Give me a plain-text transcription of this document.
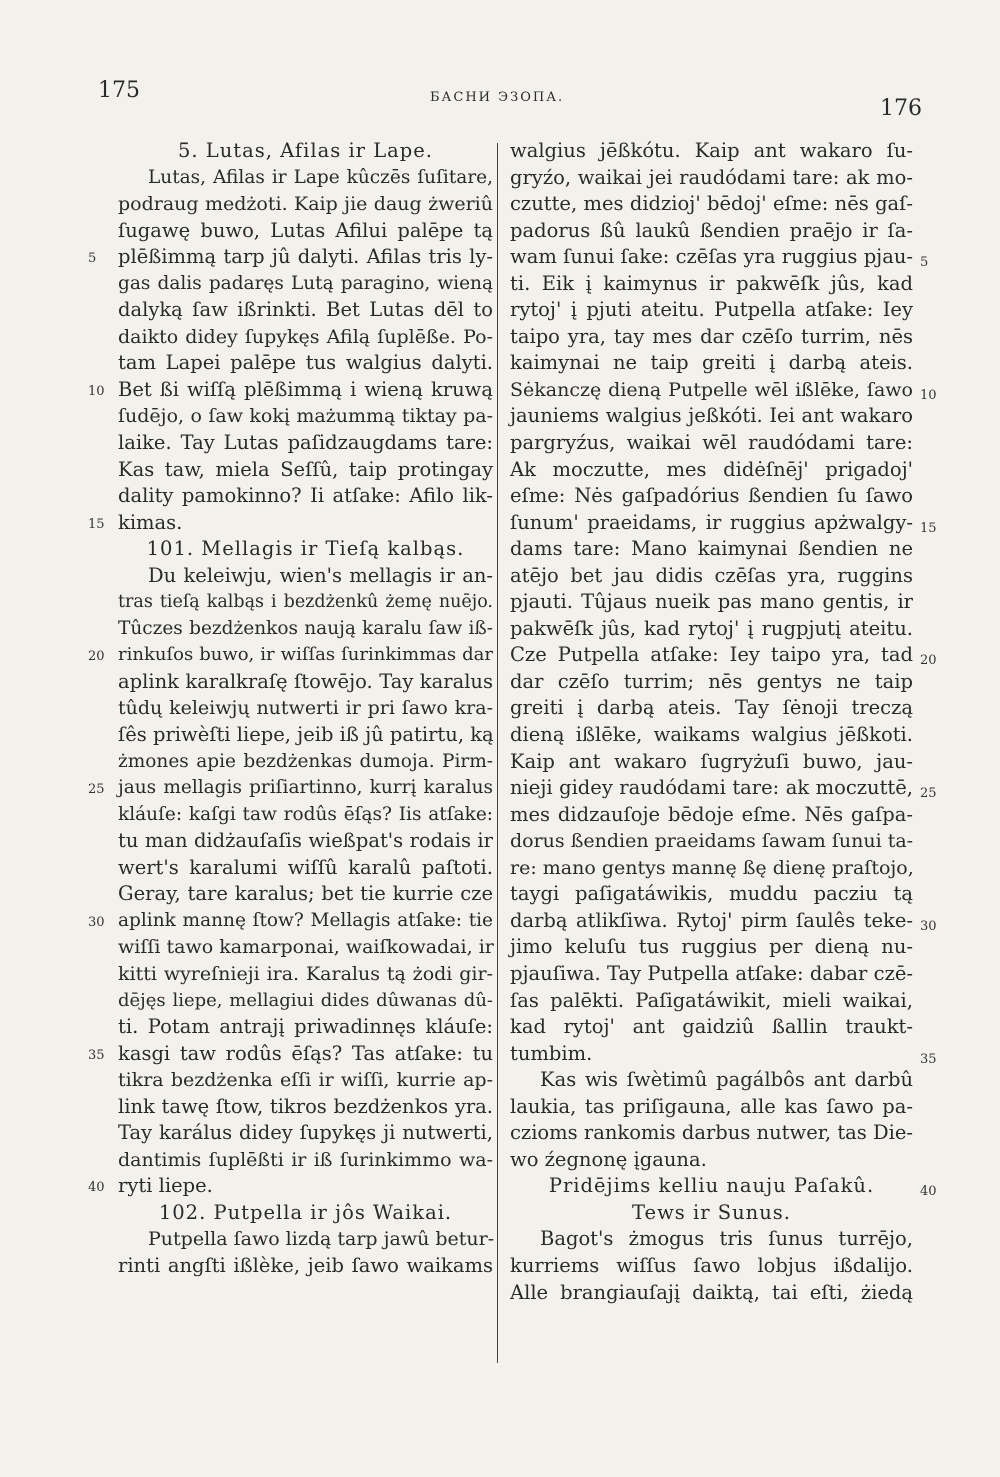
175	БАСНИ ЭЗОПА.	176
5. Lutas, Afilas ir Lape.
Lutas, Afilas ir Lape kûczēs ſuſitare,
podraug medżoti. Kaip jie daug żweriû
ſugawę buwo, Lutas Afilui palēpe tą
5 plēßimmą tarp jû dalyti. Afilas tris ly-
gas dalis padaręs Lutą paragino, wieną
dalyką ſaw ißrinkti. Bet Lutas dēl to
daikto didey ſupykęs Afilą ſuplēße. Po-
tam Lapei palēpe tus walgius dalyti.
10 Bet ßi wiſſą plēßimmą i wieną kruwą
ſudējo, o ſaw kokį mażummą tiktay pa-
laike. Tay Lutas paſidzaugdams tare:
Kas taw, miela Seſſû, taip protingay
dality pamokinno? Ii atſake: Afilo lik-
15 kimas.
101. Mellagis ir Tieſą kalbąs.
Du keleiwju, wien's mellagis ir an-
tras tieſą kalbąs i bezdżenkû żemę nuējo.
Tûczes bezdżenkos naują karalu ſaw iß-
20 rinkuſos buwo, ir wiſſas ſurinkimmas dar
aplink karalkraſę ſtowējo. Tay karalus
tûdų keleiwjų nutwerti ir pri ſawo kra-
ſês priwèſti liepe, jeib iß jû patirtu, ką
żmones apie bezdżenkas dumoja. Pirm-
25 jaus mellagis priſiartinno, kurrį karalus
kláuſe: kaſgi taw rodûs ēſąs? Iis atſake:
tu man didżauſaſis wießpat's rodais ir
wert's karalumi wiſſû karalû paſtoti.
Geray, tare karalus; bet tie kurrie cze
30 aplink mannę ſtow? Mellagis atſake: tie
wiſſi tawo kamarponai, waiſkowadai, ir
kitti wyreſnieji ira. Karalus tą żodi gir-
dējęs liepe, mellagiui dides dûwanas dû-
ti. Potam antrajį priwadinnęs kláuſe:
35 kasgi taw rodûs ēſąs? Tas atſake: tu
tikra bezdżenka eſſi ir wiſſi, kurrie ap-
link tawę ſtow, tikros bezdżenkos yra.
Tay karálus didey ſupykęs ji nutwerti,
dantimis ſuplēßti ir iß ſurinkimmo wa-
40 ryti liepe.
102. Putpella ir jôs Waikai.
Putpella ſawo lizdą tarp jawû betur-
rinti angſti ißlèke, jeib ſawo waikams
walgius jēßkótu. Kaip ant wakaro ſu-
gryźo, waikai jei raudódami tare: ak mo-
czutte, mes didzioj' bēdoj' eſme: nēs gaſ-
padorus ßû laukû ßendien praējo ir ſa-
5
wam ſunui ſake: czēſas yra ruggius pjau-
ti. Eik į kaimynus ir pakwēſk jûs, kad
rytoj' į pjuti ateitu. Putpella atſake: Iey
taipo yra, tay mes dar czēſo turrim, nēs
kaimynai ne taip greiti į darbą ateis.
10
Sėkanczę dieną Putpelle wēl ißlēke, ſawo
jauniems walgius jeßkóti. Iei ant wakaro
pargryźus, waikai wēl raudódami tare:
Ak moczutte, mes didėſnēj' prigadoj'
eſme: Nės gaſpadórius ßendien ſu ſawo
15
ſunum' praeidams, ir ruggius apżwalgy-
dams tare: Mano kaimynai ßendien ne
atējo bet jau didis czēſas yra, ruggins
pjauti. Tûjaus nueik pas mano gentis, ir
pakwēſk jûs, kad rytoj' į rugpjutį ateitu.
20
Cze Putpella atſake: Iey taipo yra, tad
dar czēſo turrim; nēs gentys ne taip
greiti į darbą ateis. Tay ſėnoji treczą
dieną ißlēke, waikams walgius jēßkoti.
Kaip ant wakaro ſugryżuſi buwo, jau-
25
nieji gidey raudódami tare: ak moczuttē,
mes didzauſoje bēdoje eſme. Nēs gaſpa-
dorus ßendien praeidams ſawam ſunui ta-
re: mano gentys mannę ßę dienę praſtojo,
taygi paſigatáwikis, muddu pacziu tą
30
darbą atlikſiwa. Rytoj' pirm ſaulês teke-
jimo keluſu tus ruggius per dieną nu-
pjauſiwa. Tay Putpella atſake: dabar czē-
ſas palēkti. Paſigatáwikit, mieli waikai,
kad rytoj' ant gaidziû ßallin traukt-
35
tumbim.
Kas wis ſwètimû pagálbôs ant darbû
laukia, tas priſigauna, alle kas ſawo pa-
czioms rankomis darbus nutwer, tas Die-
wo źegnonę įgauna.
40
Pridējims kelliu nauju Paſakû.
Tews ir Sunus.
Bagot's żmogus tris ſunus turrējo,
kurriems wiſſus ſawo lobjus ißdalijo.
Alle brangiauſajį daiktą, tai eſti, żiedą
